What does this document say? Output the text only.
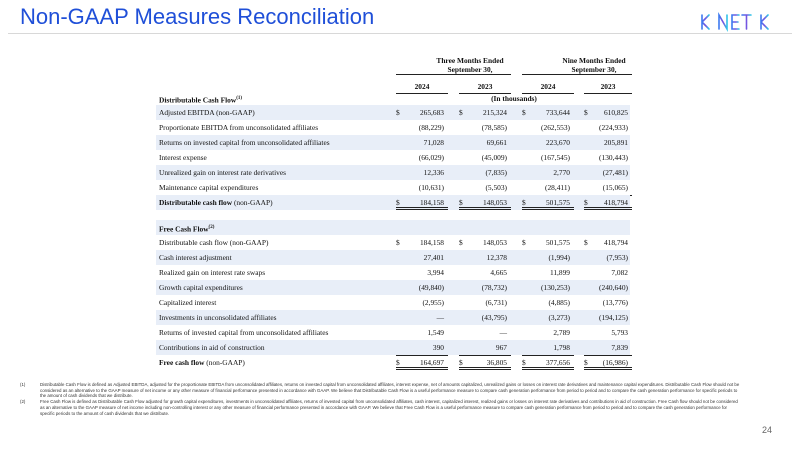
Non-GAAP Measures Reconciliation
Three Months Ended
September 30,
Nine Months Ended
September 30,
2024	2023	2024	2023
Distributable Cash Flow$^{(1)}$	(In thousands)
Adjusted EBITDA (non-GAAP)	$	265,683 $	215,324 $	733,644 $ 610,825
Proportionate EBITDA from unconsolidated affiliates	(88,229)	(78,585)	(262,553)	(224,933)
Returns on invested capital from unconsolidated affiliates	71,028	69,661	223,670	205,891
Interest expense	(66,029)	(45,009)	(167,545)	(130,443)
Unrealized gain on interest rate derivatives	12,336	(7,835)	2,770	(27,481)
Maintenance capital expenditures	(10,631)	(5,503)	(28,411)	(15,065)
Distributable cash flow (non-GAAP)	$	184,158 $	148,053 $	501,575 $ 418,794
Free Cash Flow$^{(2)}$
Distributable cash flow (non-GAAP)	$	184,158 $	148,053 $	501,575 $ 418,794
Cash interest adjustment	27,401	12,378	(1,994)	(7,953)
Realized gain on interest rate swaps	3,994	4,665	11,899	7,082
Growth capital expenditures	(49,840)	(78,732)	(130,253)	(240,640)
Capitalized interest	(2,955)	(6,731)	(4,885)	(13,776)
Investments in unconsolidated affiliates	—	(43,795)	(3,273)	(194,125)
Returns of invested capital from unconsolidated affiliates	1,549	—	2,789	5,793
Contributions in aid of construction	390	967	1,798	7,839
Free cash flow (non-GAAP)	$	164,697 $	36,805 $	377,656 $ (16,986)
(1)	Distributable Cash Flow is defined as Adjusted EBITDA, adjusted for the proportionate EBITDA from unconsolidated affiliates, returns on invested capital from unconsolidated affiliates, interest expense, net of amounts capitalized, unrealized gains or losses on interest rate derivatives and maintenance capital expenditures. Distributable Cash Flow should not be considered as an alternative to the GAAP measure of net income or any other measure of financial performance presented in accordance with GAAP. We believe that Distributable Cash Flow is a useful performance measure to compare cash generation performance from period to period and to compare the cash generation performance for specific periods to the amount of cash dividends that we distribute.
(2)	Free Cash Flow is defined as Distributable Cash Flow adjusted for growth capital expenditures, investments in unconsolidated affiliates, returns of invested capital from unconsolidated affiliates, cash interest, capitalized interest, realized gains or losses on interest rate derivatives and contributions in aid of construction. Free Cash flow should not be considered as an alternative to the GAAP measure of net income including non-controlling interest or any other measure of financial performance presented in accordance with GAAP. We believe that Free Cash Flow is a useful performance measure to compare cash generation performance from period to period and to compare the cash generation performance for specific periods to the amount of cash dividends that we distribute.
24
